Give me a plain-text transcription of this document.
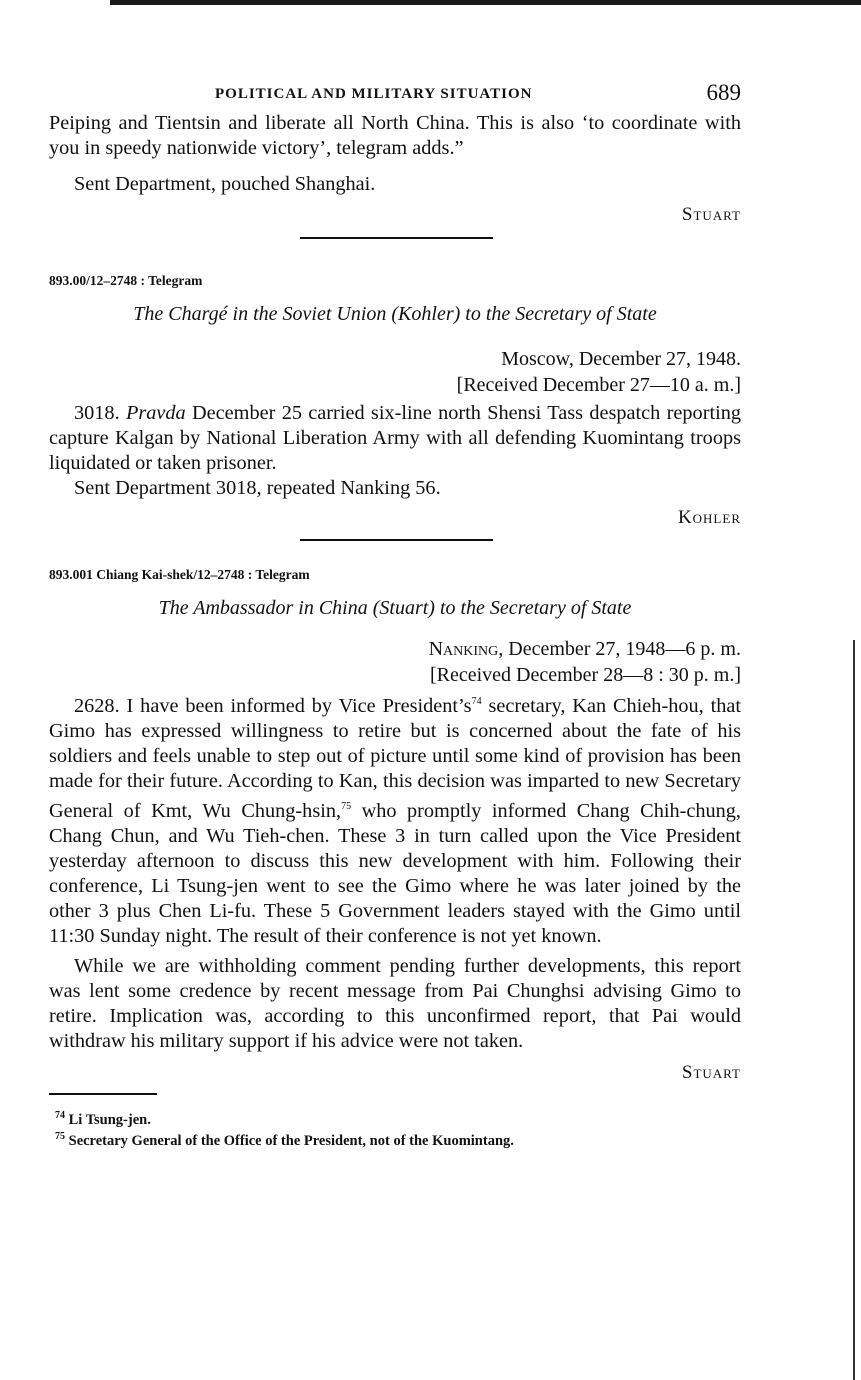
POLITICAL AND MILITARY SITUATION	689

Peiping and Tientsin and liberate all North China. This is also ‘to coordinate with you in speedy nationwide victory’, telegram adds.”

Sent Department, pouched Shanghai.

Stuart

893.00/12–2748 : Telegram

The Chargé in the Soviet Union (Kohler) to the Secretary of State

Moscow, December 27, 1948.

[Received December 27—10 a. m.]

3018. Pravda December 25 carried six-line north Shensi Tass despatch reporting capture Kalgan by National Liberation Army with all defending Kuomintang troops liquidated or taken prisoner.

Sent Department 3018, repeated Nanking 56.

Kohler

893.001 Chiang Kai-shek/12–2748 : Telegram

The Ambassador in China (Stuart) to the Secretary of State

Nanking, December 27, 1948—6 p. m.

[Received December 28—8 : 30 p. m.]

2628. I have been informed by Vice $President’s^{74}$ secretary, Kan Chieh-hou, that Gimo has expressed willingness to retire but is concerned about the fate of his soldiers and feels unable to step out of picture until some kind of provision has been made for their future. According to Kan, this decision was imparted to new Secretary General of Kmt, Wu Chung-hsin,$^{75}$ who promptly informed Chang Chih-chung, Chang Chun, and Wu Tieh-chen. These 3 in turn called upon the Vice President yesterday afternoon to discuss this new development with him. Following their conference, Li Tsung-jen went to see the Gimo where he was later joined by the other 3 plus Chen Li-fu. These 5 Government leaders stayed with the Gimo until 11:30 Sunday night. The result of their conference is not yet known.

While we are withholding comment pending further developments, this report was lent some credence by recent message from Pai Chunghsi advising Gimo to retire. Implication was, according to this unconfirmed report, that Pai would withdraw his military support if his advice were not taken.

Stuart

$^{74}$ Li Tsung-jen.

$^{75}$ Secretary General of the Office of the President, not of the Kuomintang.
